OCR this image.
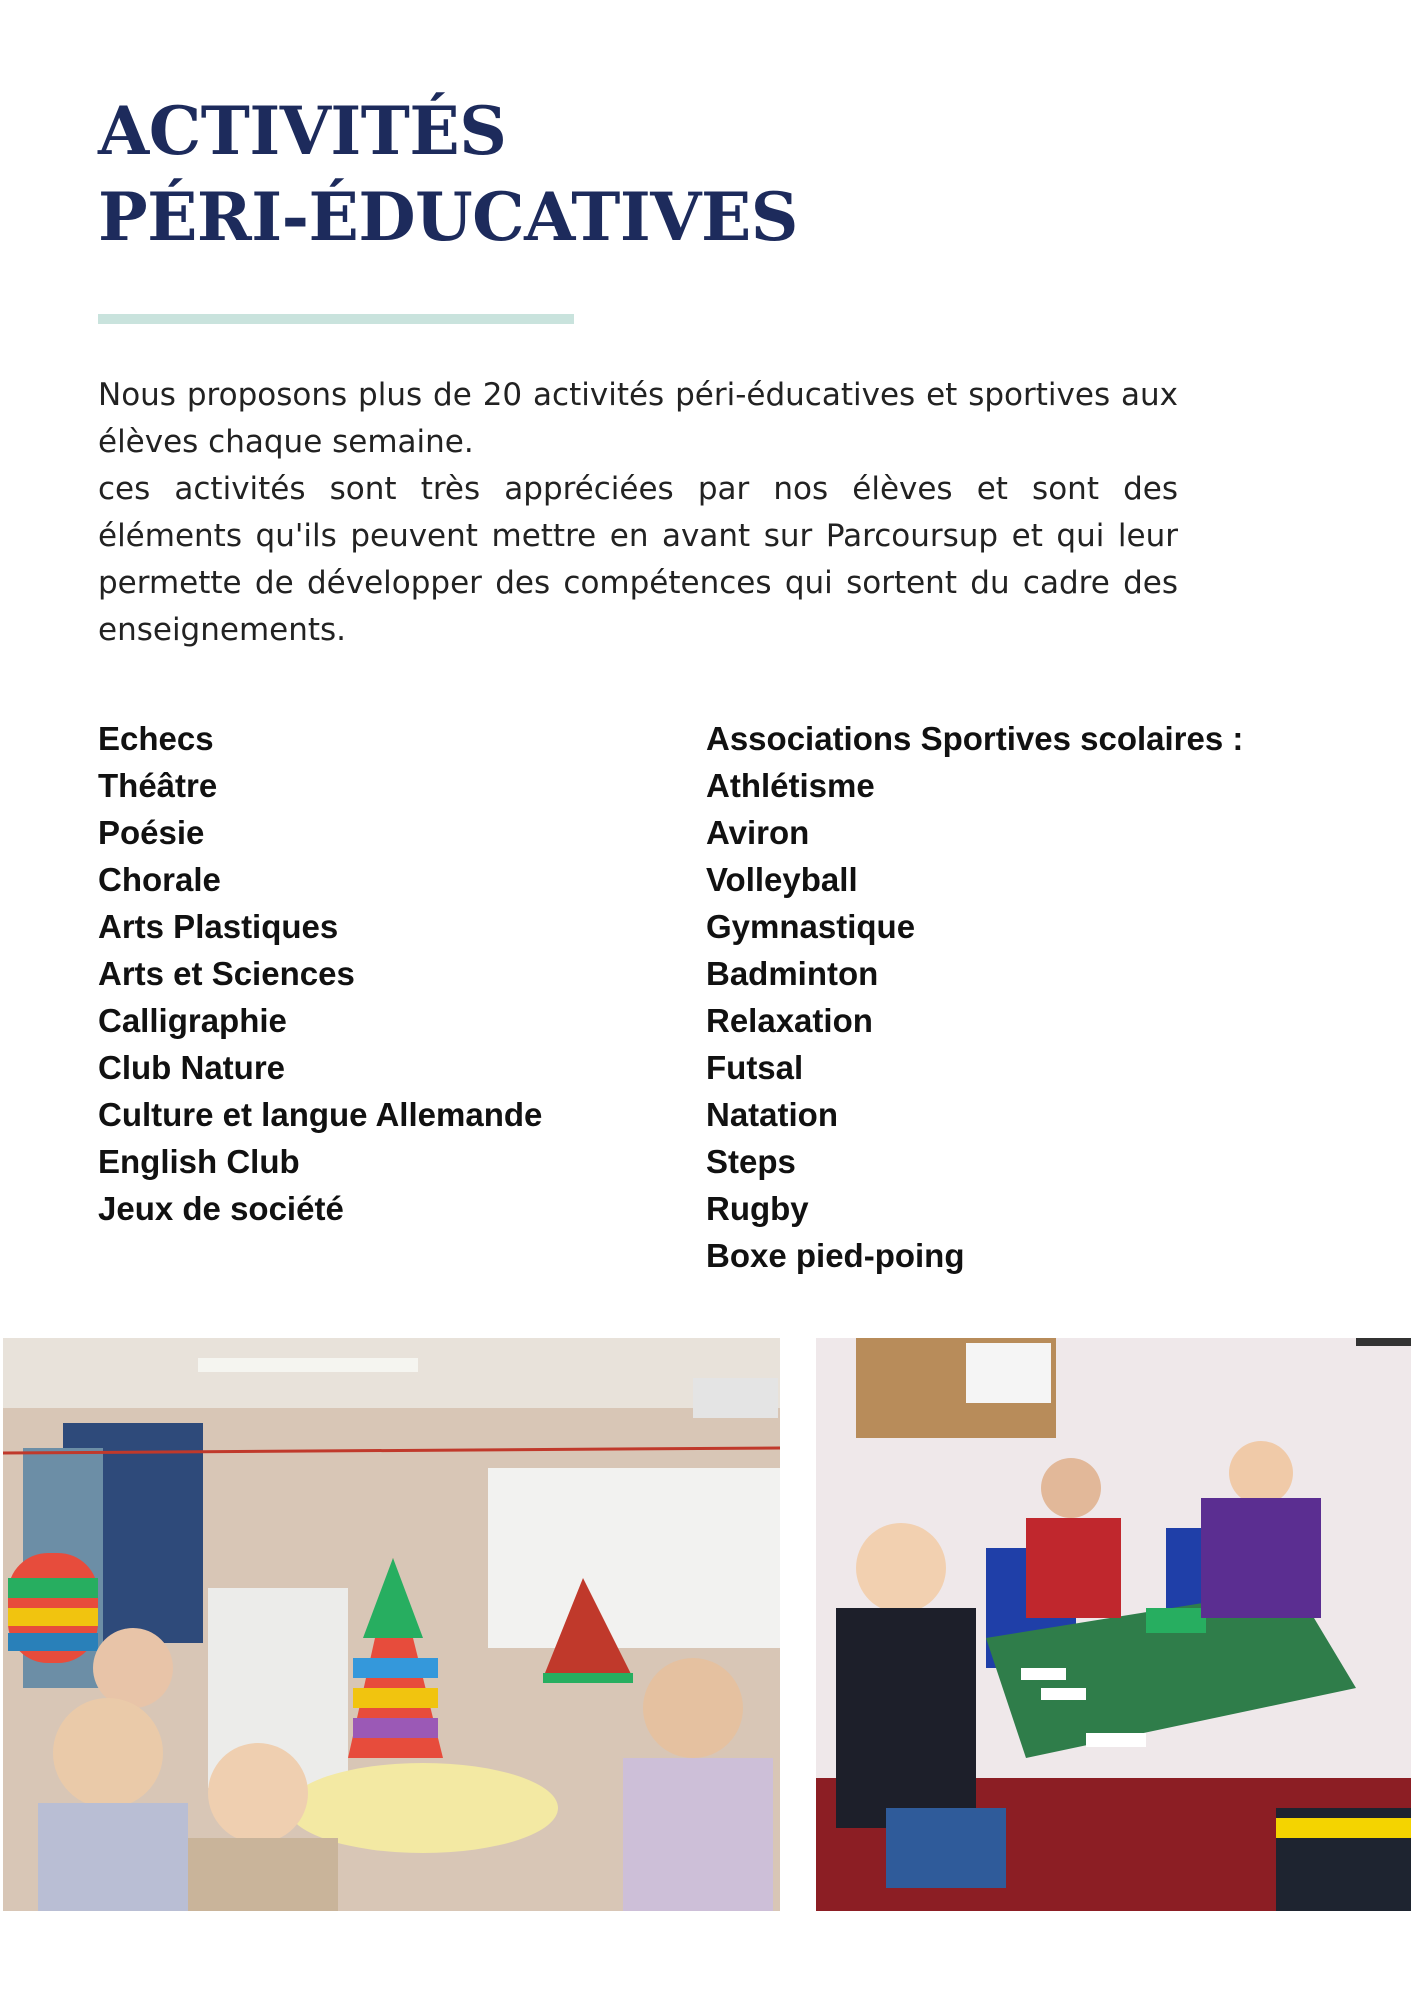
ACTIVITÉS
PÉRI-ÉDUCATIVES

Nous proposons plus de 20 activités péri-éducatives et sportives aux élèves chaque semaine.

ces activités sont très appréciées par nos élèves et sont des éléments qu'ils peuvent mettre en avant sur Parcoursup et qui leur permette de développer des compétences qui sortent du cadre des enseignements.

Echecs
Théâtre
Poésie
Chorale
Arts Plastiques
Arts et Sciences
Calligraphie
Club Nature
Culture et langue Allemande
English Club
Jeux de société
Associations Sportives scolaires :
Athlétisme
Aviron
Volleyball
Gymnastique
Badminton
Relaxation
Futsal
Natation
Steps
Rugby
Boxe pied-poing
